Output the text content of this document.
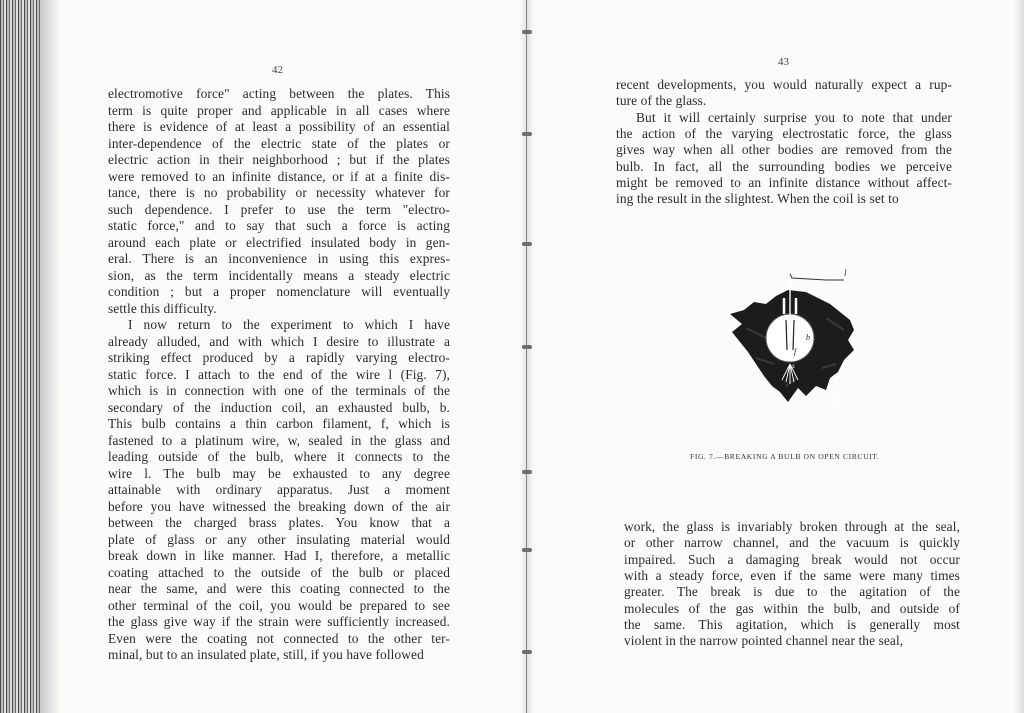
42
electromotive force" acting between the plates. This
term is quite proper and applicable in all cases where
there is evidence of at least a possibility of an essential
inter-dependence of the electric state of the plates or
electric action in their neighborhood ; but if the plates
were removed to an infinite distance, or if at a finite dis-
tance, there is no probability or necessity whatever for
such dependence. I prefer to use the term "electro-
static force," and to say that such a force is acting
around each plate or electrified insulated body in gen-
eral. There is an inconvenience in using this expres-
sion, as the term incidentally means a steady electric
condition ; but a proper nomenclature will eventually
settle this difficulty.
I now return to the experiment to which I have
already alluded, and with which I desire to illustrate a
striking effect produced by a rapidly varying electro-
static force. I attach to the end of the wire l (Fig. 7),
which is in connection with one of the terminals of the
secondary of the induction coil, an exhausted bulb, b.
This bulb contains a thin carbon filament, f, which is
fastened to a platinum wire, w, sealed in the glass and
leading outside of the bulb, where it connects to the
wire l. The bulb may be exhausted to any degree
attainable with ordinary apparatus. Just a moment
before you have witnessed the breaking down of the air
between the charged brass plates. You know that a
plate of glass or any other insulating material would
break down in like manner. Had I, therefore, a metallic
coating attached to the outside of the bulb or placed
near the same, and were this coating connected to the
other terminal of the coil, you would be prepared to see
the glass give way if the strain were sufficiently increased.
Even were the coating not connected to the other ter-
minal, but to an insulated plate, still, if you have followed
43
recent developments, you would naturally expect a rup-
ture of the glass.
But it will certainly surprise you to note that under
the action of the varying electrostatic force, the glass
gives way when all other bodies are removed from the
bulb. In fact, all the surrounding bodies we perceive
might be removed to an infinite distance without affect-
ing the result in the slightest. When the coil is set to
work, the glass is invariably broken through at the seal,
or other narrow channel, and the vacuum is quickly
impaired. Such a damaging break would not occur
with a steady force, even if the same were many times
greater. The break is due to the agitation of the
molecules of the gas within the bulb, and outside of
the same. This agitation, which is generally most
violent in the narrow pointed channel near the seal,
l
b
f
s
Fig 7
FIG. 7.—BREAKING A BULB ON OPEN CIRCUIT.
